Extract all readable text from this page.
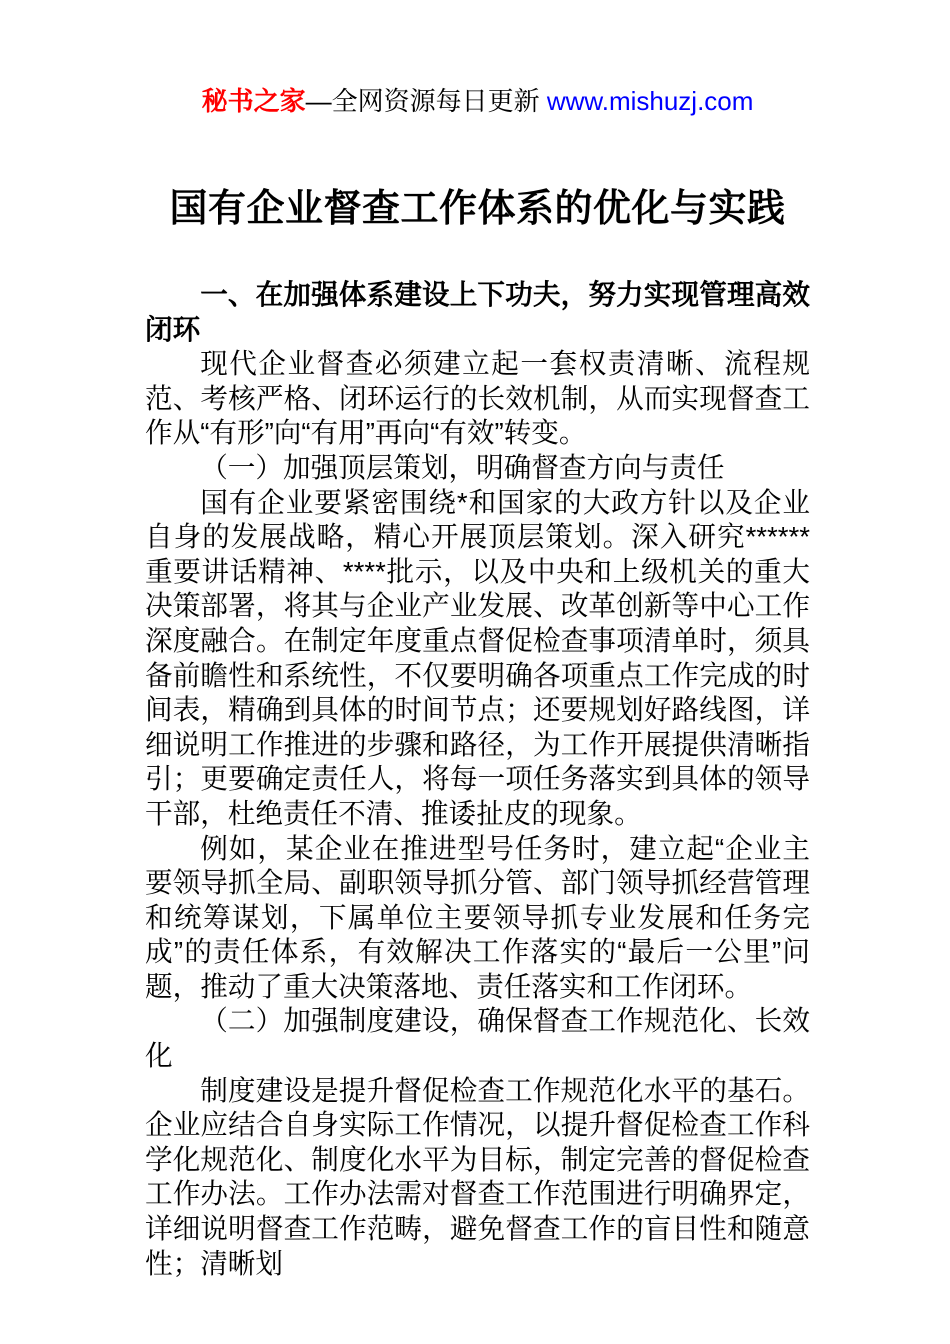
秘书之家—全网资源每日更新 www.mishuzj.com
国有企业督查工作体系的优化与实践

一、在加强体系建设上下功夫，努力实现管理高效闭环

现代企业督查必须建立起一套权责清晰、流程规范、考核严格、闭环运行的长效机制，从而实现督查工作从“有形”向“有用”再向“有效”转变。

（一）加强顶层策划，明确督查方向与责任

国有企业要紧密围绕*和国家的大政方针以及企业自身的发展战略，精心开展顶层策划。深入研究******重要讲话精神、****批示，以及中央和上级机关的重大决策部署，将其与企业产业发展、改革创新等中心工作深度融合。在制定年度重点督促检查事项清单时，须具备前瞻性和系统性，不仅要明确各项重点工作完成的时间表，精确到具体的时间节点；还要规划好路线图，详细说明工作推进的步骤和路径，为工作开展提供清晰指引；更要确定责任人，将每一项任务落实到具体的领导干部，杜绝责任不清、推诿扯皮的现象。

例如，某企业在推进型号任务时，建立起“企业主要领导抓全局、副职领导抓分管、部门领导抓经营管理和统筹谋划，下属单位主要领导抓专业发展和任务完成”的责任体系，有效解决工作落实的“最后一公里”问题，推动了重大决策落地、责任落实和工作闭环。

（二）加强制度建设，确保督查工作规范化、长效化

制度建设是提升督促检查工作规范化水平的基石。企业应结合自身实际工作情况，以提升督促检查工作科学化规范化、制度化水平为目标，制定完善的督促检查工作办法。工作办法需对督查工作范围进行明确界定，详细说明督查工作范畴，避免督查工作的盲目性和随意性；清晰划
